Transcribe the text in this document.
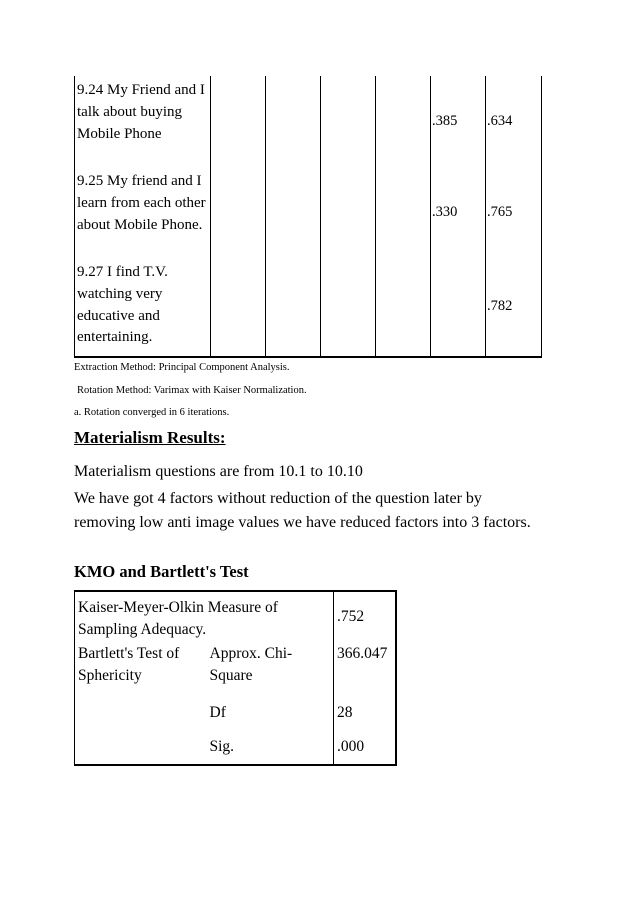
9.24 My Friend and I talk about buying Mobile Phone					.385	.634
9.25 My friend and I learn from each other about Mobile Phone.					.330	.765
9.27 I find T.V. watching very educative and entertaining.						.782
Extraction Method: Principal Component Analysis.
Rotation Method: Varimax with Kaiser Normalization.
a. Rotation converged in 6 iterations.
Materialism Results:
Materialism questions are from 10.1 to 10.10
We have got 4 factors without reduction of the question later by removing low anti image values we have reduced factors into 3 factors.
KMO and Bartlett's Test
Kaiser-Meyer-Olkin Measure of Sampling Adequacy.		.752
Bartlett's Test of Sphericity	Approx. Chi-Square	366.047
	Df	28
	Sig.	.000
